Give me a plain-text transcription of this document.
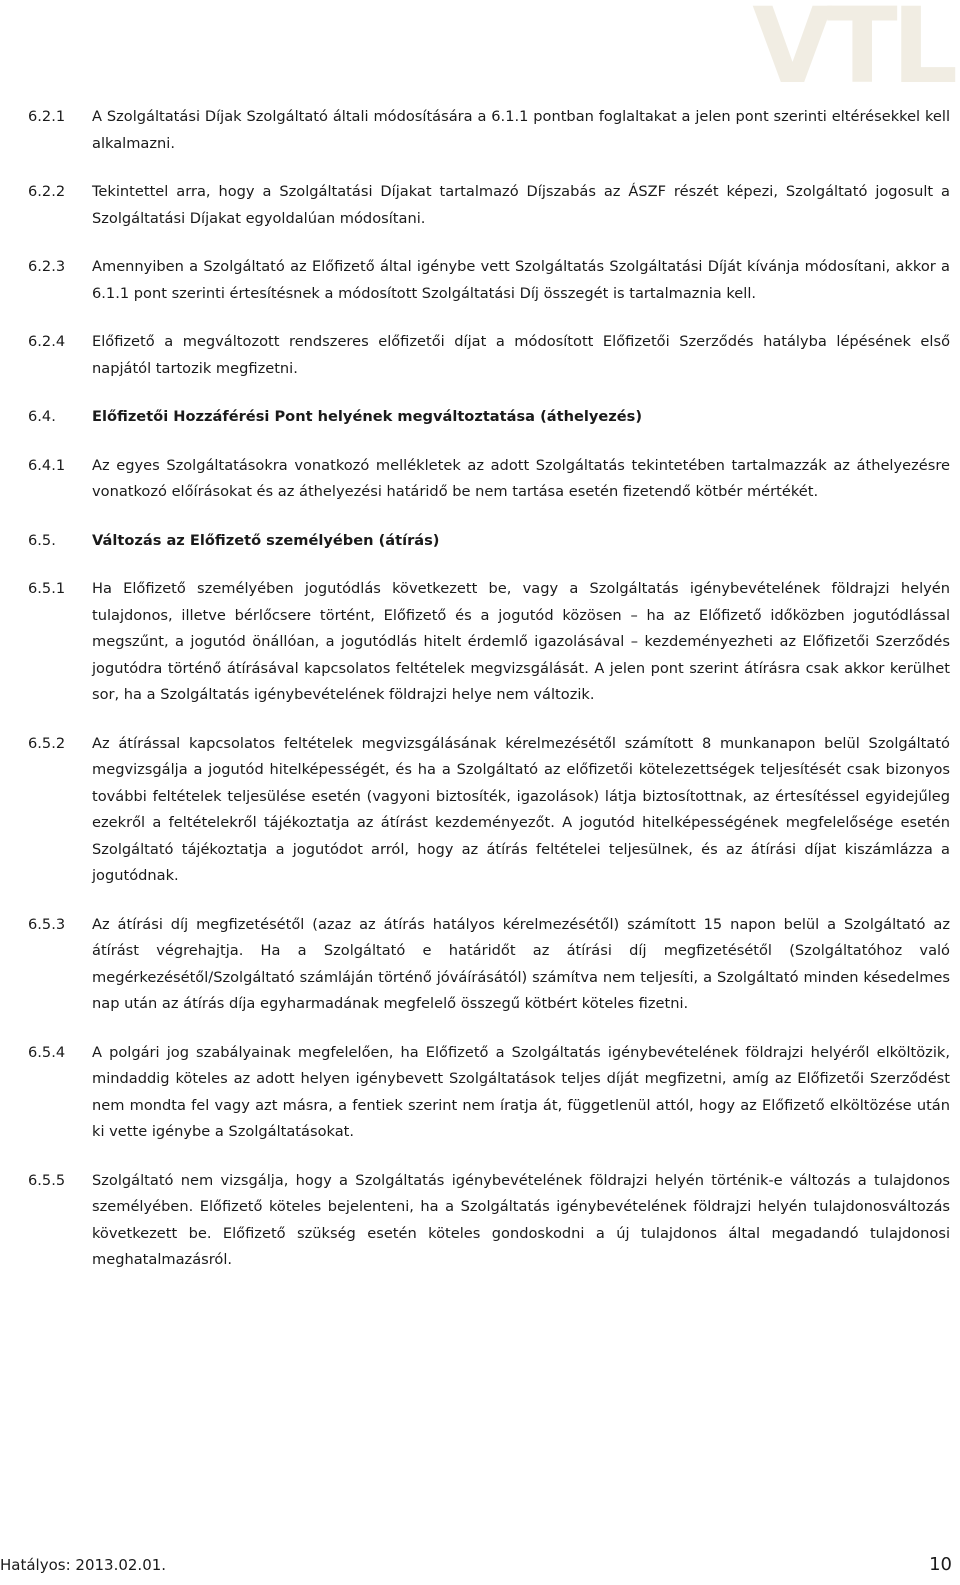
VTL
6.2.1	A Szolgáltatási Díjak Szolgáltató általi módosítására a 6.1.1 pontban foglaltakat a jelen pont szerinti eltérésekkel kell alkalmazni.
6.2.2	Tekintettel arra, hogy a Szolgáltatási Díjakat tartalmazó Díjszabás az ÁSZF részét képezi, Szolgáltató jogosult a Szolgáltatási Díjakat egyoldalúan módosítani.
6.2.3	Amennyiben a Szolgáltató az Előfizető által igénybe vett Szolgáltatás Szolgáltatási Díját kívánja módosítani, akkor a 6.1.1 pont szerinti értesítésnek a módosított Szolgáltatási Díj összegét is tartalmaznia kell.
6.2.4	Előfizető a megváltozott rendszeres előfizetői díjat a módosított Előfizetői Szerződés hatályba lépésének első napjától tartozik megfizetni.
6.4.	Előfizetői Hozzáférési Pont helyének megváltoztatása (áthelyezés)
6.4.1	Az egyes Szolgáltatásokra vonatkozó mellékletek az adott Szolgáltatás tekintetében tartalmazzák az áthelyezésre vonatkozó előírásokat és az áthelyezési határidő be nem tartása esetén fizetendő kötbér mértékét.
6.5.	Változás az Előfizető személyében (átírás)
6.5.1	Ha Előfizető személyében jogutódlás következett be, vagy a Szolgáltatás igénybevételének földrajzi helyén tulajdonos, illetve bérlőcsere történt, Előfizető és a jogutód közösen – ha az Előfizető időközben jogutódlással megszűnt, a jogutód önállóan, a jogutódlás hitelt érdemlő igazolásával – kezdeményezheti az Előfizetői Szerződés jogutódra történő átírásával kapcsolatos feltételek megvizsgálását. A jelen pont szerint átírásra csak akkor kerülhet sor, ha a Szolgáltatás igénybevételének földrajzi helye nem változik.
6.5.2	Az átírással kapcsolatos feltételek megvizsgálásának kérelmezésétől számított 8 munkanapon belül Szolgáltató megvizsgálja a jogutód hitelképességét, és ha a Szolgáltató az előfizetői kötelezettségek teljesítését csak bizonyos további feltételek teljesülése esetén (vagyoni biztosíték, igazolások) látja biztosítottnak, az értesítéssel egyidejűleg ezekről a feltételekről tájékoztatja az átírást kezdeményezőt. A jogutód hitelképességének megfelelősége esetén Szolgáltató tájékoztatja a jogutódot arról, hogy az átírás feltételei teljesülnek, és az átírási díjat kiszámlázza a jogutódnak.
6.5.3	Az átírási díj megfizetésétől (azaz az átírás hatályos kérelmezésétől) számított 15 napon belül a Szolgáltató az átírást végrehajtja. Ha a Szolgáltató e határidőt az átírási díj megfizetésétől (Szolgáltatóhoz való megérkezésétől/Szolgáltató számláján történő jóváírásától) számítva nem teljesíti, a Szolgáltató minden késedelmes nap után az átírás díja egyharmadának megfelelő összegű kötbért köteles fizetni.
6.5.4	A polgári jog szabályainak megfelelően, ha Előfizető a Szolgáltatás igénybevételének földrajzi helyéről elköltözik, mindaddig köteles az adott helyen igénybevett Szolgáltatások teljes díját megfizetni, amíg az Előfizetői Szerződést nem mondta fel vagy azt másra, a fentiek szerint nem íratja át, függetlenül attól, hogy az Előfizető elköltözése után ki vette igénybe a Szolgáltatásokat.
6.5.5	Szolgáltató nem vizsgálja, hogy a Szolgáltatás igénybevételének földrajzi helyén történik-e változás a tulajdonos személyében. Előfizető köteles bejelenteni, ha a Szolgáltatás igénybevételének földrajzi helyén tulajdonosváltozás következett be. Előfizető szükség esetén köteles gondoskodni a új tulajdonos által megadandó tulajdonosi meghatalmazásról.
Hatályos: 2013.02.01.	10
